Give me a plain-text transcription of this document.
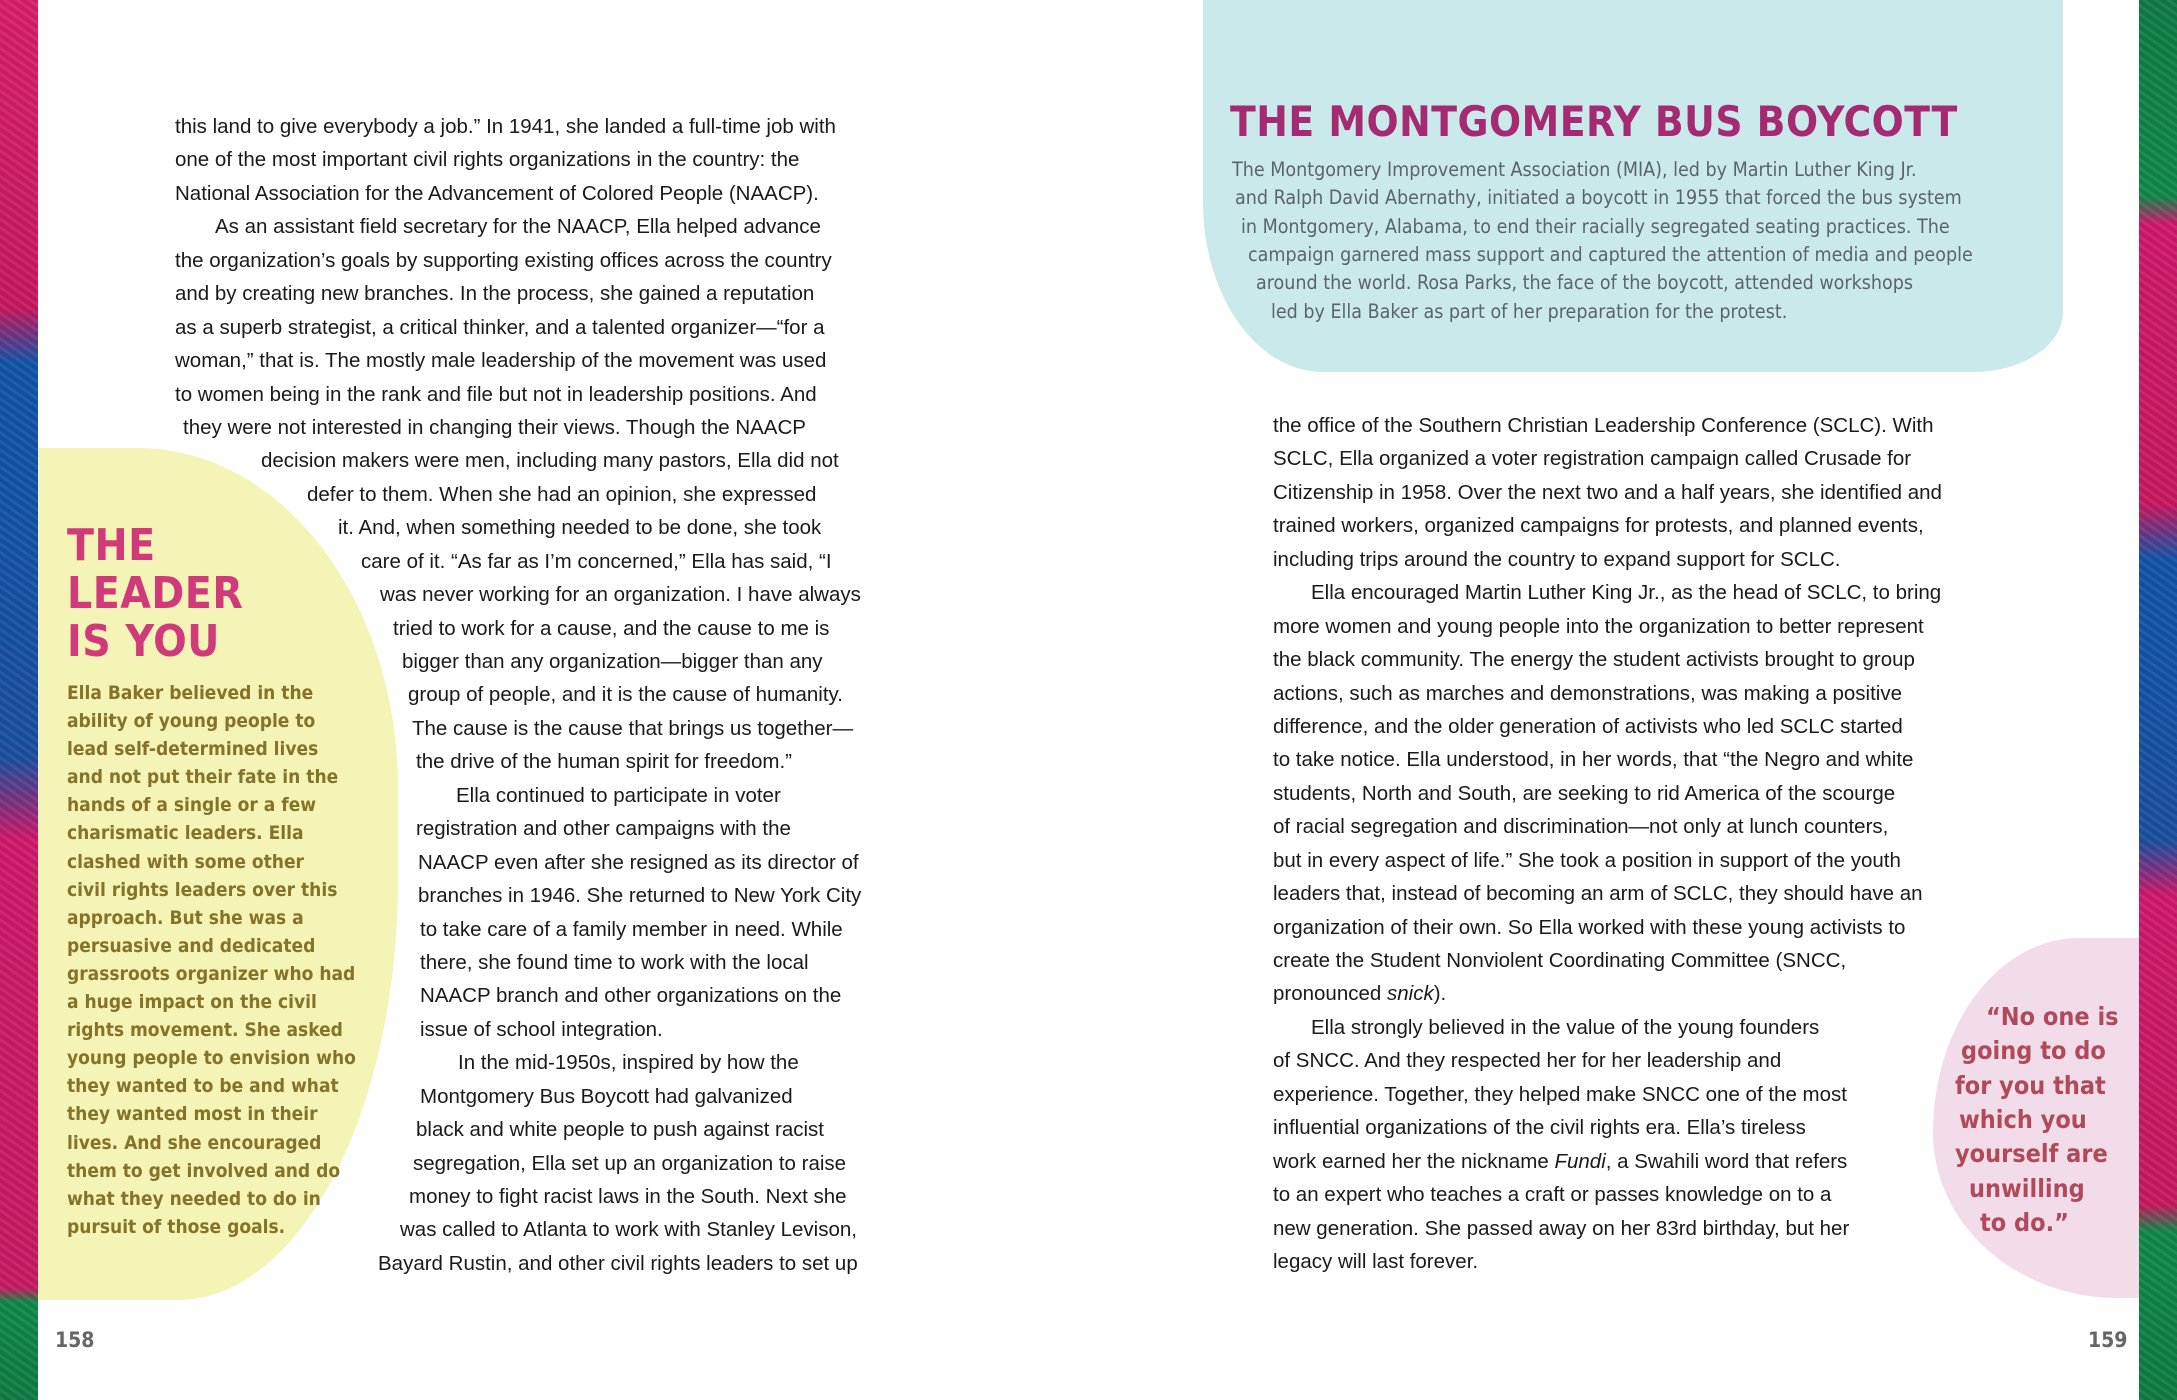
this land to give everybody a job.” In 1941, she landed a full-time job with
one of the most important civil rights organizations in the country: the
National Association for the Advancement of Colored People (NAACP).
As an assistant field secretary for the NAACP, Ella helped advance
the organization’s goals by supporting existing offices across the country
and by creating new branches. In the process, she gained a reputation
as a superb strategist, a critical thinker, and a talented organizer—“for a
woman,” that is. The mostly male leadership of the movement was used
to women being in the rank and file but not in leadership positions. And
they were not interested in changing their views. Though the NAACP
decision makers were men, including many pastors, Ella did not
defer to them. When she had an opinion, she expressed
it. And, when something needed to be done, she took
care of it. “As far as I’m concerned,” Ella has said, “I
was never working for an organization. I have always
tried to work for a cause, and the cause to me is
bigger than any organization—bigger than any
group of people, and it is the cause of humanity.
The cause is the cause that brings us together—
the drive of the human spirit for freedom.”
Ella continued to participate in voter
registration and other campaigns with the
NAACP even after she resigned as its director of
branches in 1946. She returned to New York City
to take care of a family member in need. While
there, she found time to work with the local
NAACP branch and other organizations on the
issue of school integration.
In the mid-1950s, inspired by how the
Montgomery Bus Boycott had galvanized
black and white people to push against racist
segregation, Ella set up an organization to raise
money to fight racist laws in the South. Next she
was called to Atlanta to work with Stanley Levison,
Bayard Rustin, and other civil rights leaders to set up
THE
LEADER
IS YOU
Ella Baker believed in the
ability of young people to
lead self-determined lives
and not put their fate in the
hands of a single or a few
charismatic leaders. Ella
clashed with some other
civil rights leaders over this
approach. But she was a
persuasive and dedicated
grassroots organizer who had
a huge impact on the civil
rights movement. She asked
young people to envision who
they wanted to be and what
they wanted most in their
lives. And she encouraged
them to get involved and do
what they needed to do in
pursuit of those goals.
THE MONTGOMERY BUS BOYCOTT
The Montgomery Improvement Association (MIA), led by Martin Luther King Jr.
and Ralph David Abernathy, initiated a boycott in 1955 that forced the bus system
in Montgomery, Alabama, to end their racially segregated seating practices. The
campaign garnered mass support and captured the attention of media and people
around the world. Rosa Parks, the face of the boycott, attended workshops
led by Ella Baker as part of her preparation for the protest.
the office of the Southern Christian Leadership Conference (SCLC). With
SCLC, Ella organized a voter registration campaign called Crusade for
Citizenship in 1958. Over the next two and a half years, she identified and
trained workers, organized campaigns for protests, and planned events,
including trips around the country to expand support for SCLC.
Ella encouraged Martin Luther King Jr., as the head of SCLC, to bring
more women and young people into the organization to better represent
the black community. The energy the student activists brought to group
actions, such as marches and demonstrations, was making a positive
difference, and the older generation of activists who led SCLC started
to take notice. Ella understood, in her words, that “the Negro and white
students, North and South, are seeking to rid America of the scourge
of racial segregation and discrimination—not only at lunch counters,
but in every aspect of life.” She took a position in support of the youth
leaders that, instead of becoming an arm of SCLC, they should have an
organization of their own. So Ella worked with these young activists to
create the Student Nonviolent Coordinating Committee (SNCC,
pronounced snick).
Ella strongly believed in the value of the young founders
of SNCC. And they respected her for her leadership and
experience. Together, they helped make SNCC one of the most
influential organizations of the civil rights era. Ella’s tireless
work earned her the nickname Fundi, a Swahili word that refers
to an expert who teaches a craft or passes knowledge on to a
new generation. She passed away on her 83rd birthday, but her
legacy will last forever.
“No one is
going to do
for you that
which you
yourself are
unwilling
to do.”
158	159
